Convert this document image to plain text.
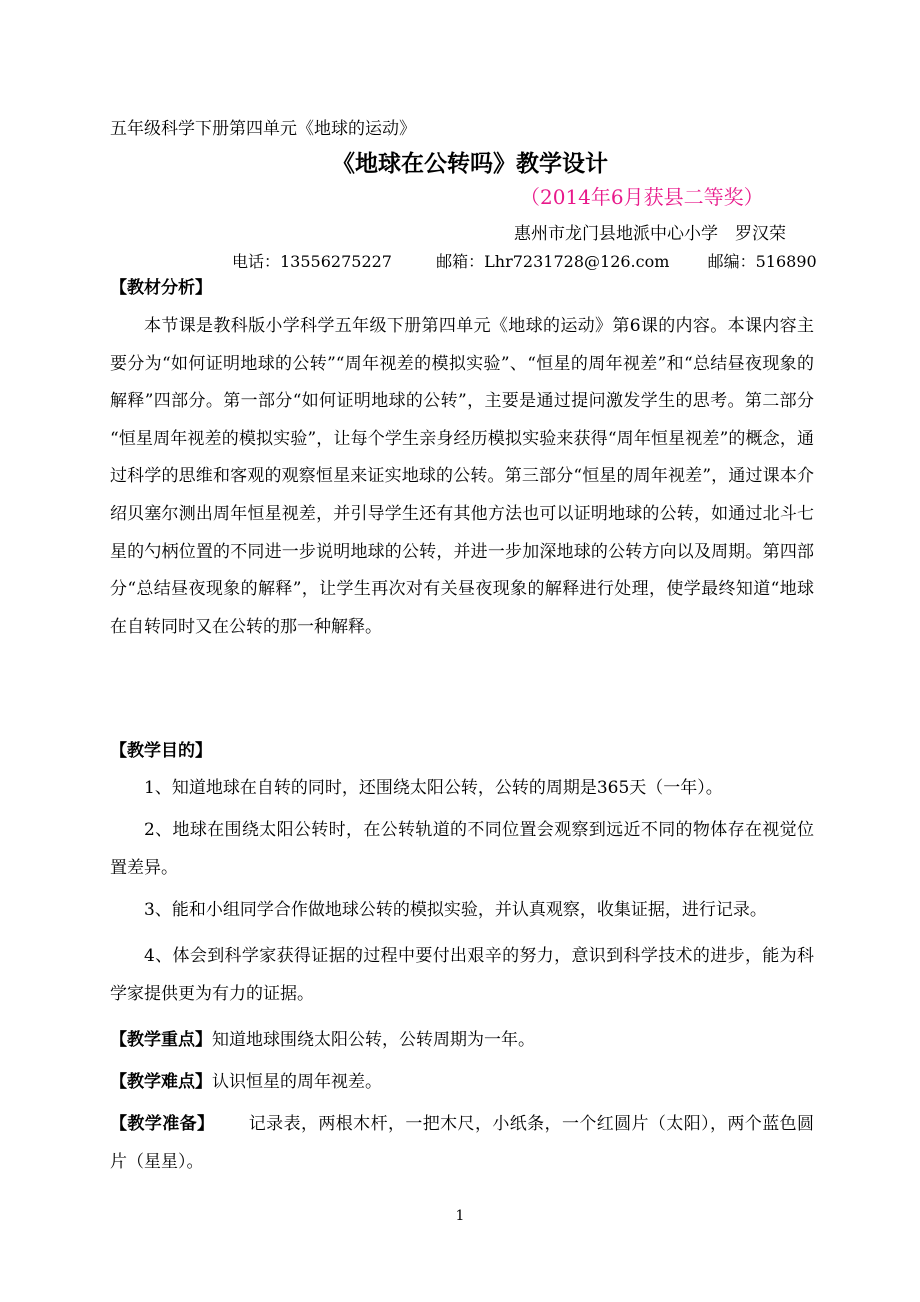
五年级科学下册第四单元《地球的运动》
《地球在公转吗》教学设计
（2014年6月获县二等奖）
惠州市龙门县地派中心小学　罗汉荣
电话：13556275227	邮箱：Lhr7231728@126.com 邮编：516890
【教材分析】
本节课是教科版小学科学五年级下册第四单元《地球的运动》第6课的内容。本课内容主要分为“如何证明地球的公转”“周年视差的模拟实验”、“恒星的周年视差”和“总结昼夜现象的解释”四部分。第一部分“如何证明地球的公转”，主要是通过提问激发学生的思考。第二部分 “恒星周年视差的模拟实验”，让每个学生亲身经历模拟实验来获得“周年恒星视差”的概念，通过科学的思维和客观的观察恒星来证实地球的公转。第三部分“恒星的周年视差”，通过课本介绍贝塞尔测出周年恒星视差，并引导学生还有其他方法也可以证明地球的公转，如通过北斗七星的勺柄位置的不同进一步说明地球的公转，并进一步加深地球的公转方向以及周期。第四部分“总结昼夜现象的解释”，让学生再次对有关昼夜现象的解释进行处理，使学最终知道“地球在自转同时又在公转的那一种解释。
【教学目的】
1、知道地球在自转的同时，还围绕太阳公转，公转的周期是365天（一年）。
2、地球在围绕太阳公转时，在公转轨道的不同位置会观察到远近不同的物体存在视觉位置差异。
3、能和小组同学合作做地球公转的模拟实验，并认真观察，收集证据，进行记录。
4、体会到科学家获得证据的过程中要付出艰辛的努力，意识到科学技术的进步，能为科学家提供更为有力的证据。
【教学重点】知道地球围绕太阳公转，公转周期为一年。
【教学难点】认识恒星的周年视差。
【教学准备】 记录表，两根木杆，一把木尺，小纸条，一个红圆片（太阳），两个蓝色圆片（星星）。
1
